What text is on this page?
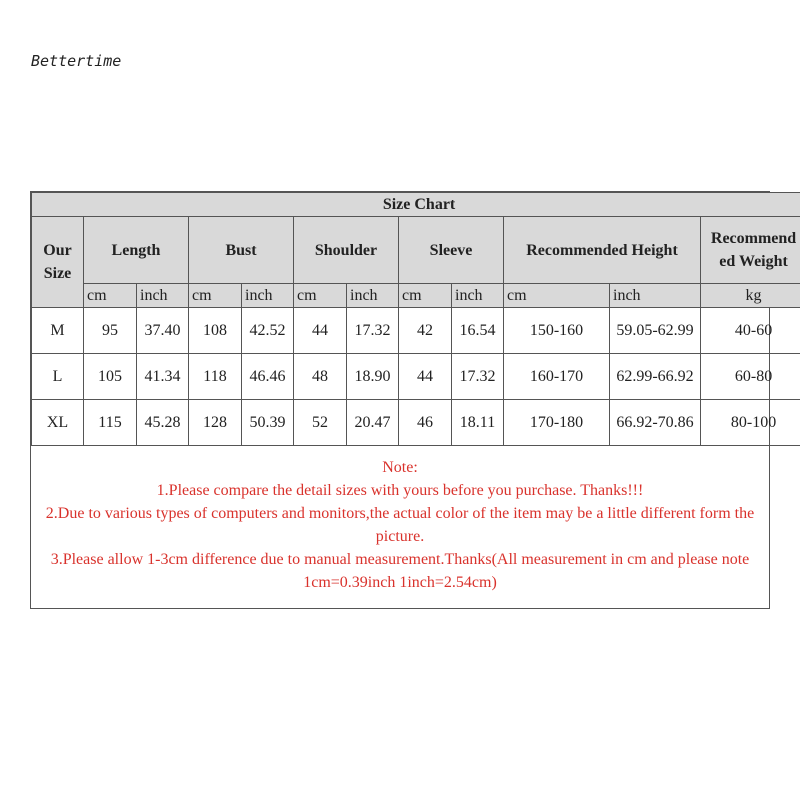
Bettertime
Size Chart											
Our Size	Length		Bust		Shoulder		Sleeve		Recommended Height		Recommend ed Weight
	cm	inch	cm	inch	cm	inch	cm	inch	cm	inch	kg
M	95	37.40	108	42.52	44	17.32	42	16.54	150-160	59.05-62.99	40-60
L	105	41.34	118	46.46	48	18.90	44	17.32	160-170	62.99-66.92	60-80
XL	115	45.28	128	50.39	52	20.47	46	18.11	170-180	66.92-70.86	80-100

Note:

1.Please compare the detail sizes with yours before you purchase. Thanks!!!

2.Due to various types of computers and monitors,the actual color of the item may be a little different form the picture.

3.Please allow 1-3cm difference due to manual measurement.Thanks(All measurement in cm and please note 1cm=0.39inch 1inch=2.54cm)
